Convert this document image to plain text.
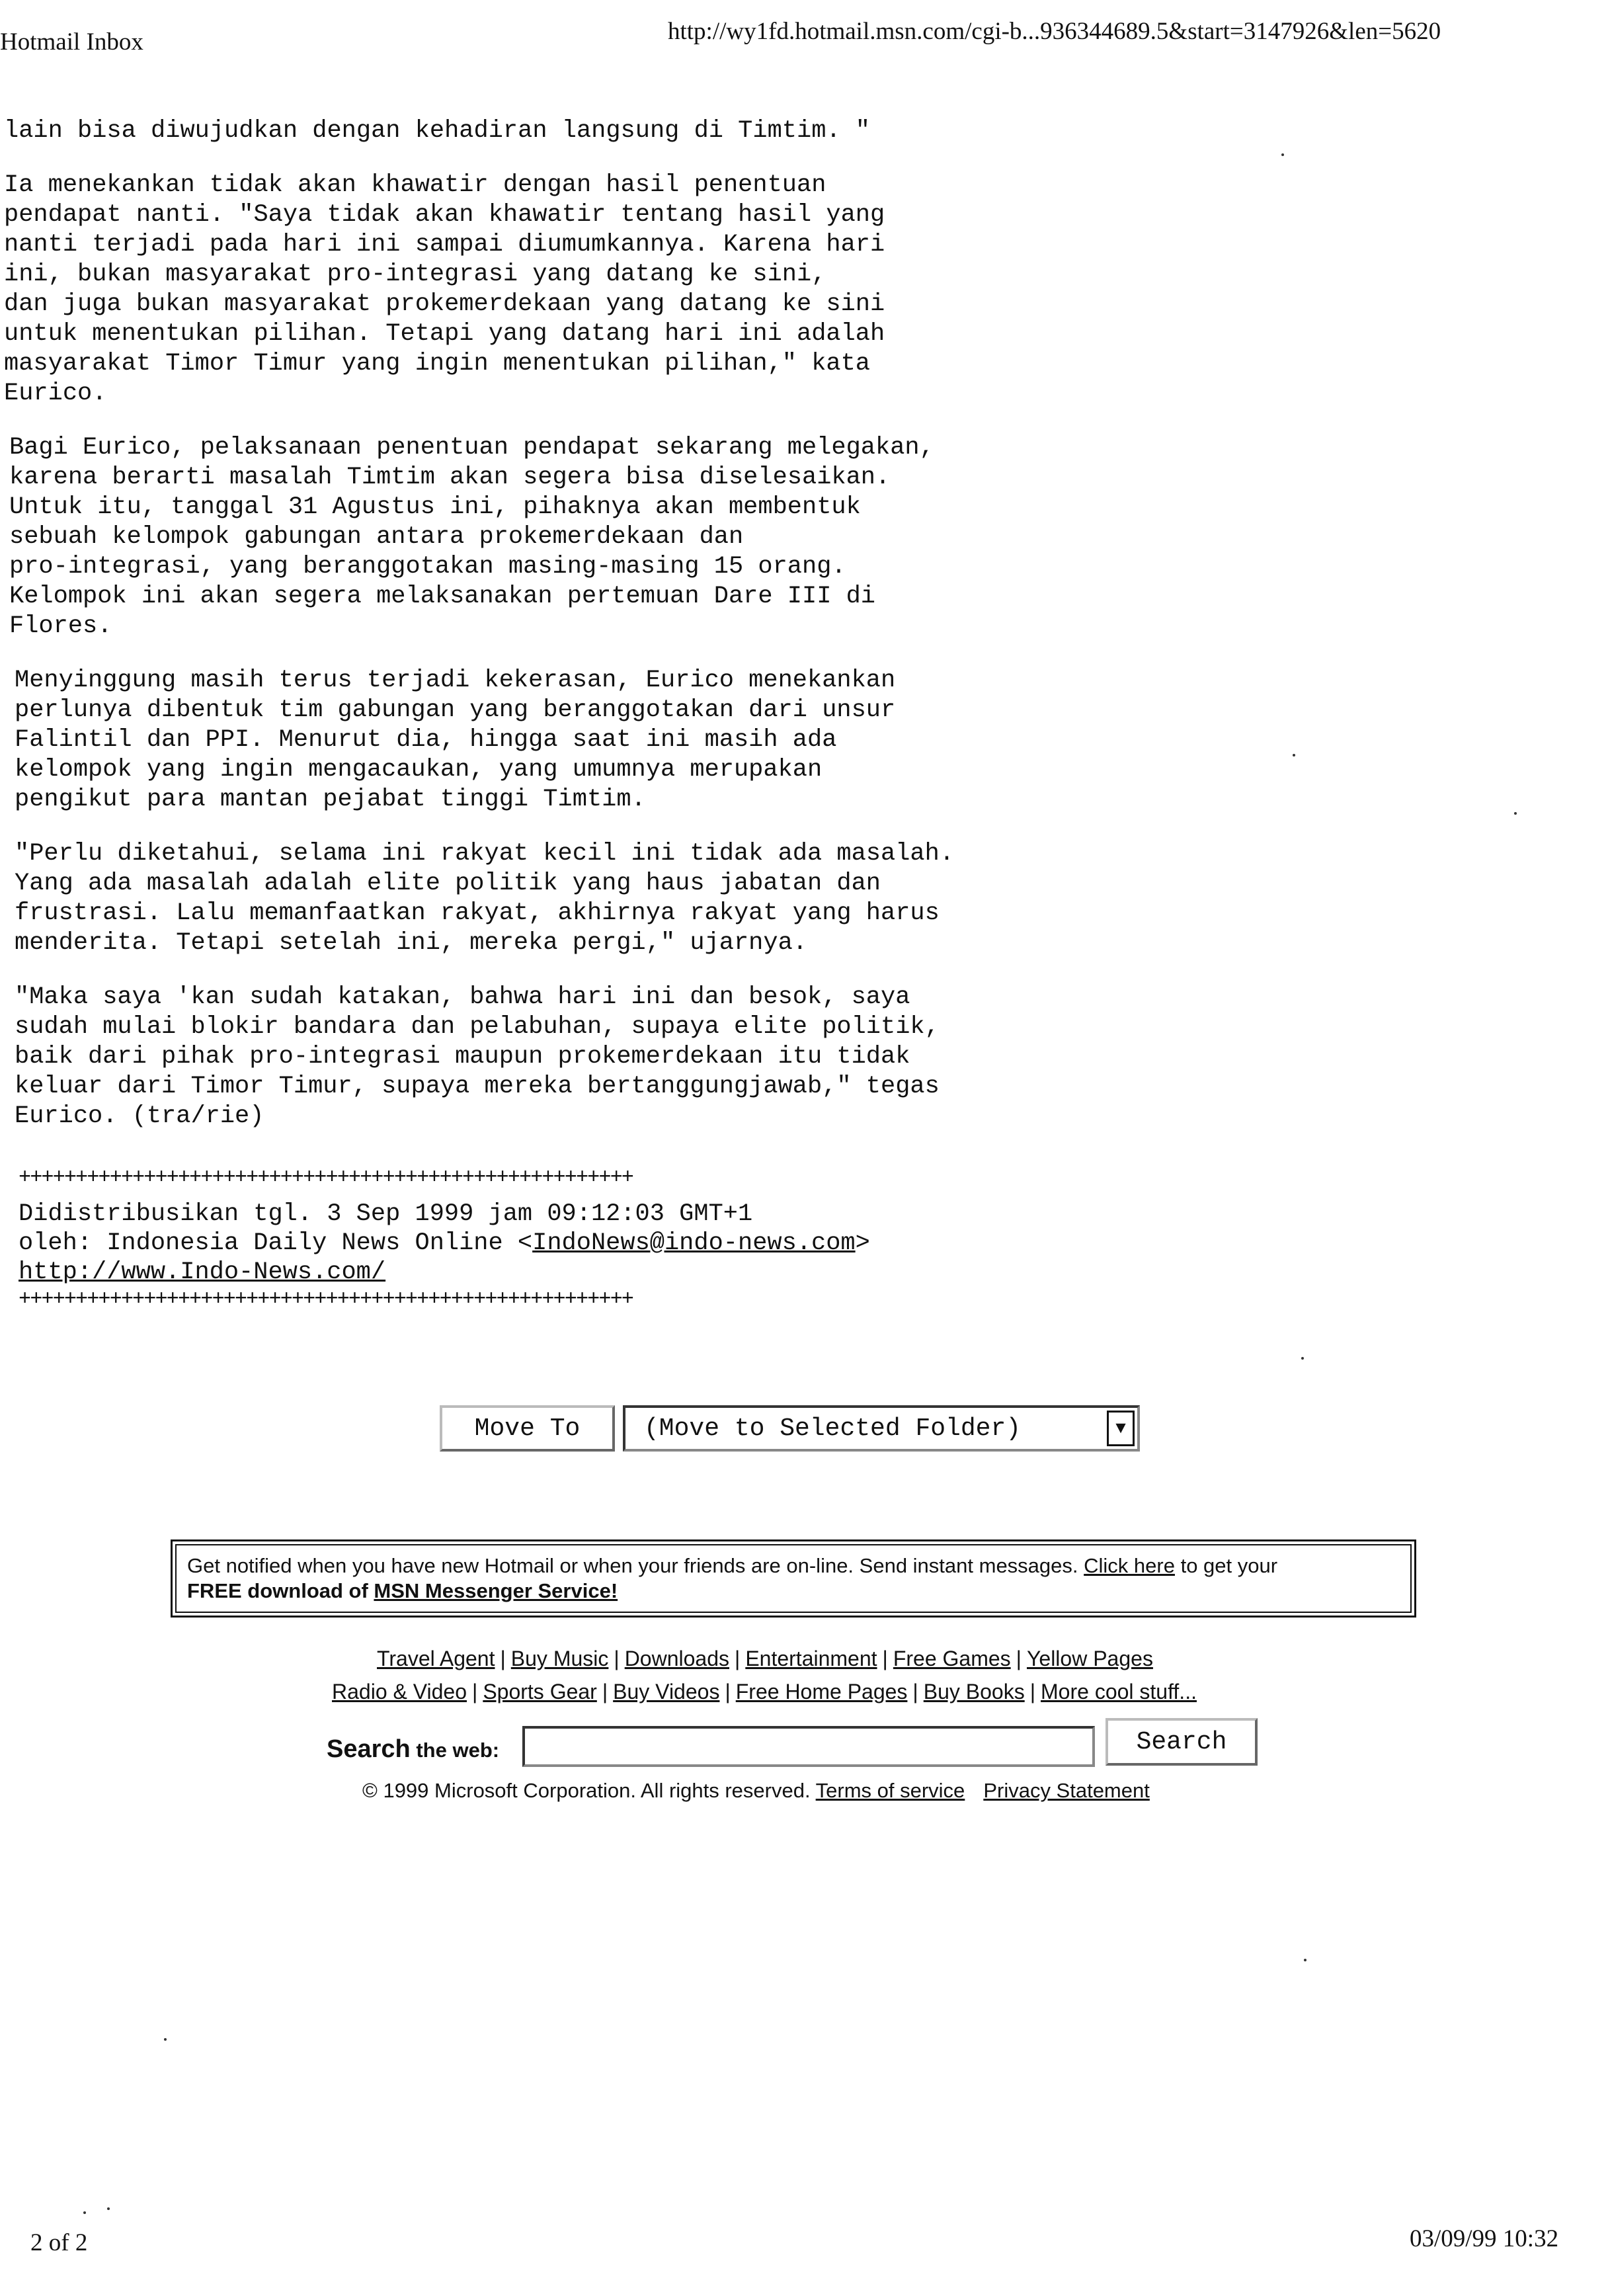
Hotmail Inbox	http://wy1fd.hotmail.msn.com/cgi-b...936344689.5&start=3147926&len=5620
lain bisa diwujudkan dengan kehadiran langsung di Timtim. "
Ia menekankan tidak akan khawatir dengan hasil penentuan
pendapat nanti. "Saya tidak akan khawatir tentang hasil yang
nanti terjadi pada hari ini sampai diumumkannya. Karena hari
ini, bukan masyarakat pro-integrasi yang datang ke sini,
dan juga bukan masyarakat prokemerdekaan yang datang ke sini
untuk menentukan pilihan. Tetapi yang datang hari ini adalah
masyarakat Timor Timur yang ingin menentukan pilihan," kata
Eurico.
Bagi Eurico, pelaksanaan penentuan pendapat sekarang melegakan,
karena berarti masalah Timtim akan segera bisa diselesaikan.
Untuk itu, tanggal 31 Agustus ini, pihaknya akan membentuk
sebuah kelompok gabungan antara prokemerdekaan dan
pro-integrasi, yang beranggotakan masing-masing 15 orang.
Kelompok ini akan segera melaksanakan pertemuan Dare III di
Flores.
Menyinggung masih terus terjadi kekerasan, Eurico menekankan
perlunya dibentuk tim gabungan yang beranggotakan dari unsur
Falintil dan PPI. Menurut dia, hingga saat ini masih ada
kelompok yang ingin mengacaukan, yang umumnya merupakan
pengikut para mantan pejabat tinggi Timtim.
"Perlu diketahui, selama ini rakyat kecil ini tidak ada masalah.
Yang ada masalah adalah elite politik yang haus jabatan dan
frustrasi. Lalu memanfaatkan rakyat, akhirnya rakyat yang harus
menderita. Tetapi setelah ini, mereka pergi," ujarnya.
"Maka saya 'kan sudah katakan, bahwa hari ini dan besok, saya
sudah mulai blokir bandara dan pelabuhan, supaya elite politik,
baik dari pihak pro-integrasi maupun prokemerdekaan itu tidak
keluar dari Timor Timur, supaya mereka bertanggungjawab," tegas
Eurico. (tra/rie)
++++++++++++++++++++++++++++++++++++++++++++++++++++++
Didistribusikan tgl. 3 Sep 1999 jam 09:12:03 GMT+1
oleh: Indonesia Daily News Online <IndoNews@indo-news.com>
http://www.Indo-News.com/
++++++++++++++++++++++++++++++++++++++++++++++++++++++
Move To	(Move to Selected Folder)	▼
Get notified when you have new Hotmail or when your friends are on-line. Send instant messages. Click here to get your
FREE download of MSN Messenger Service!
Travel Agent | Buy Music | Downloads | Entertainment | Free Games | Yellow Pages
Radio & Video | Sports Gear | Buy Videos | Free Home Pages | Buy Books | More cool stuff...
Search the web:	Search
© 1999 Microsoft Corporation. All rights reserved. Terms of service Privacy Statement
2 of 2	03/09/99 10:32
